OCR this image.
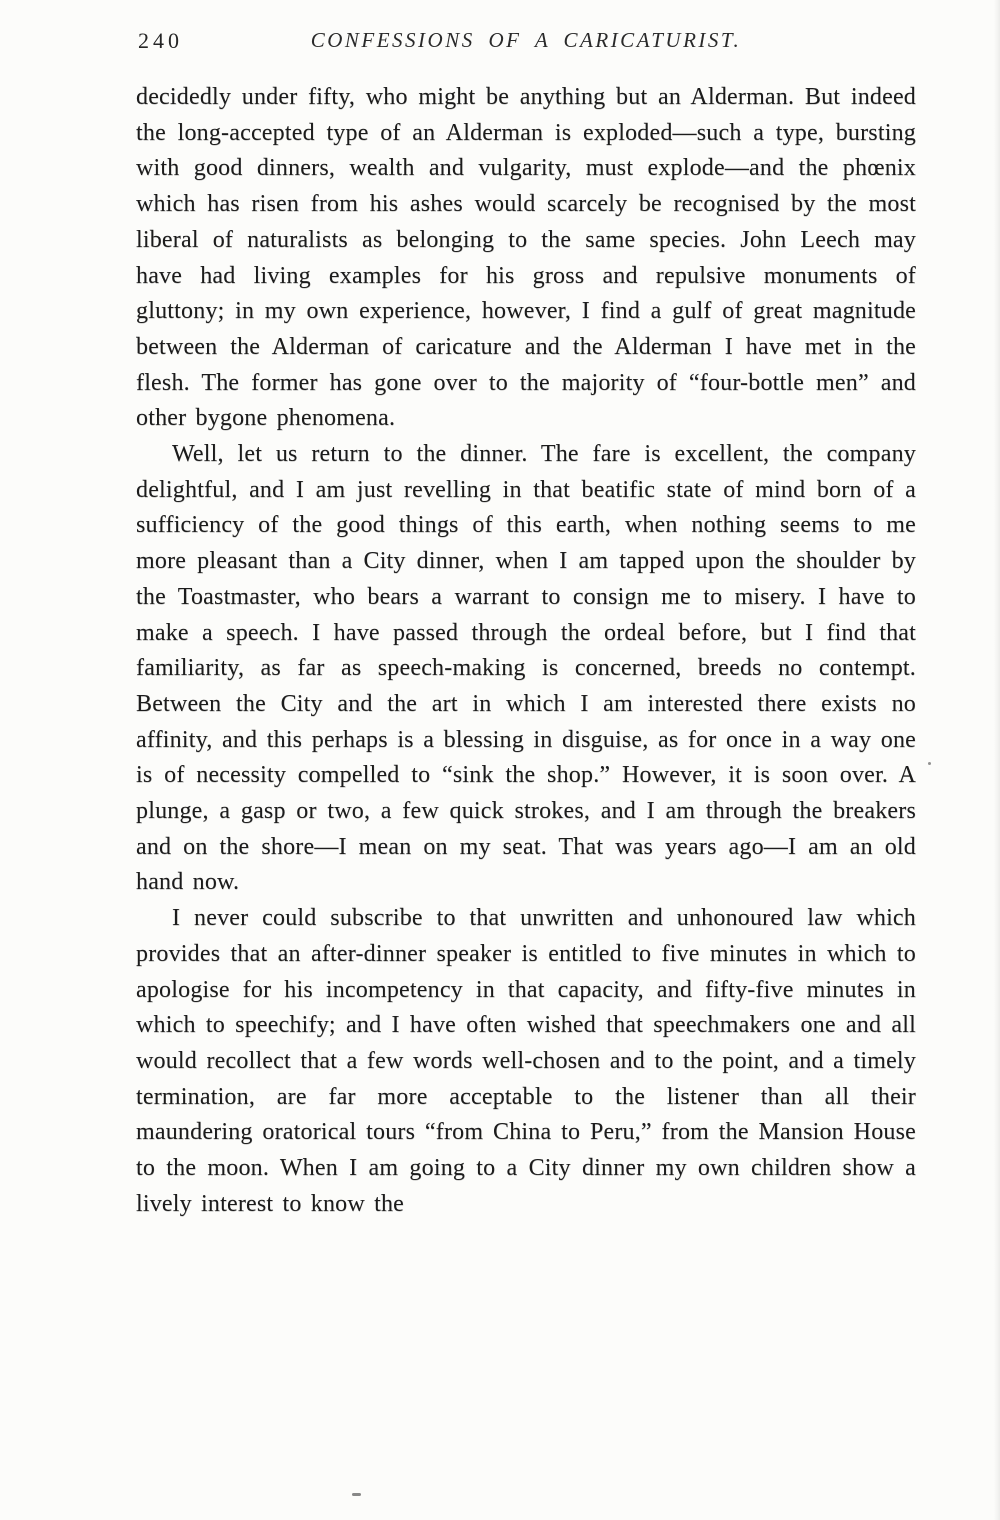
240	CONFESSIONS OF A CARICATURIST.

decidedly under fifty, who might be anything but an Alderman. But indeed the long-accepted type of an Alderman is exploded—such a type, bursting with good dinners, wealth and vulgarity, must explode—and the phœnix which has risen from his ashes would scarcely be recognised by the most liberal of naturalists as belonging to the same species. John Leech may have had living examples for his gross and repulsive monuments of gluttony; in my own experience, however, I find a gulf of great magnitude between the Alderman of caricature and the Alderman I have met in the flesh. The former has gone over to the majority of “four-bottle men” and other bygone phenomena.

Well, let us return to the dinner. The fare is excellent, the company delightful, and I am just revelling in that beatific state of mind born of a sufficiency of the good things of this earth, when nothing seems to me more pleasant than a City dinner, when I am tapped upon the shoulder by the Toastmaster, who bears a warrant to consign me to misery. I have to make a speech. I have passed through the ordeal before, but I find that familiarity, as far as speech-making is concerned, breeds no contempt. Between the City and the art in which I am interested there exists no affinity, and this perhaps is a blessing in disguise, as for once in a way one is of necessity compelled to “sink the shop.” However, it is soon over. A plunge, a gasp or two, a few quick strokes, and I am through the breakers and on the shore—I mean on my seat. That was years ago—I am an old hand now.

I never could subscribe to that unwritten and unhonoured law which provides that an after-dinner speaker is entitled to five minutes in which to apologise for his incompetency in that capacity, and fifty-five minutes in which to speechify; and I have often wished that speechmakers one and all would recollect that a few words well-chosen and to the point, and a timely termination, are far more acceptable to the listener than all their maundering oratorical tours “from China to Peru,” from the Mansion House to the moon. When I am going to a City dinner my own children show a lively interest to know the
